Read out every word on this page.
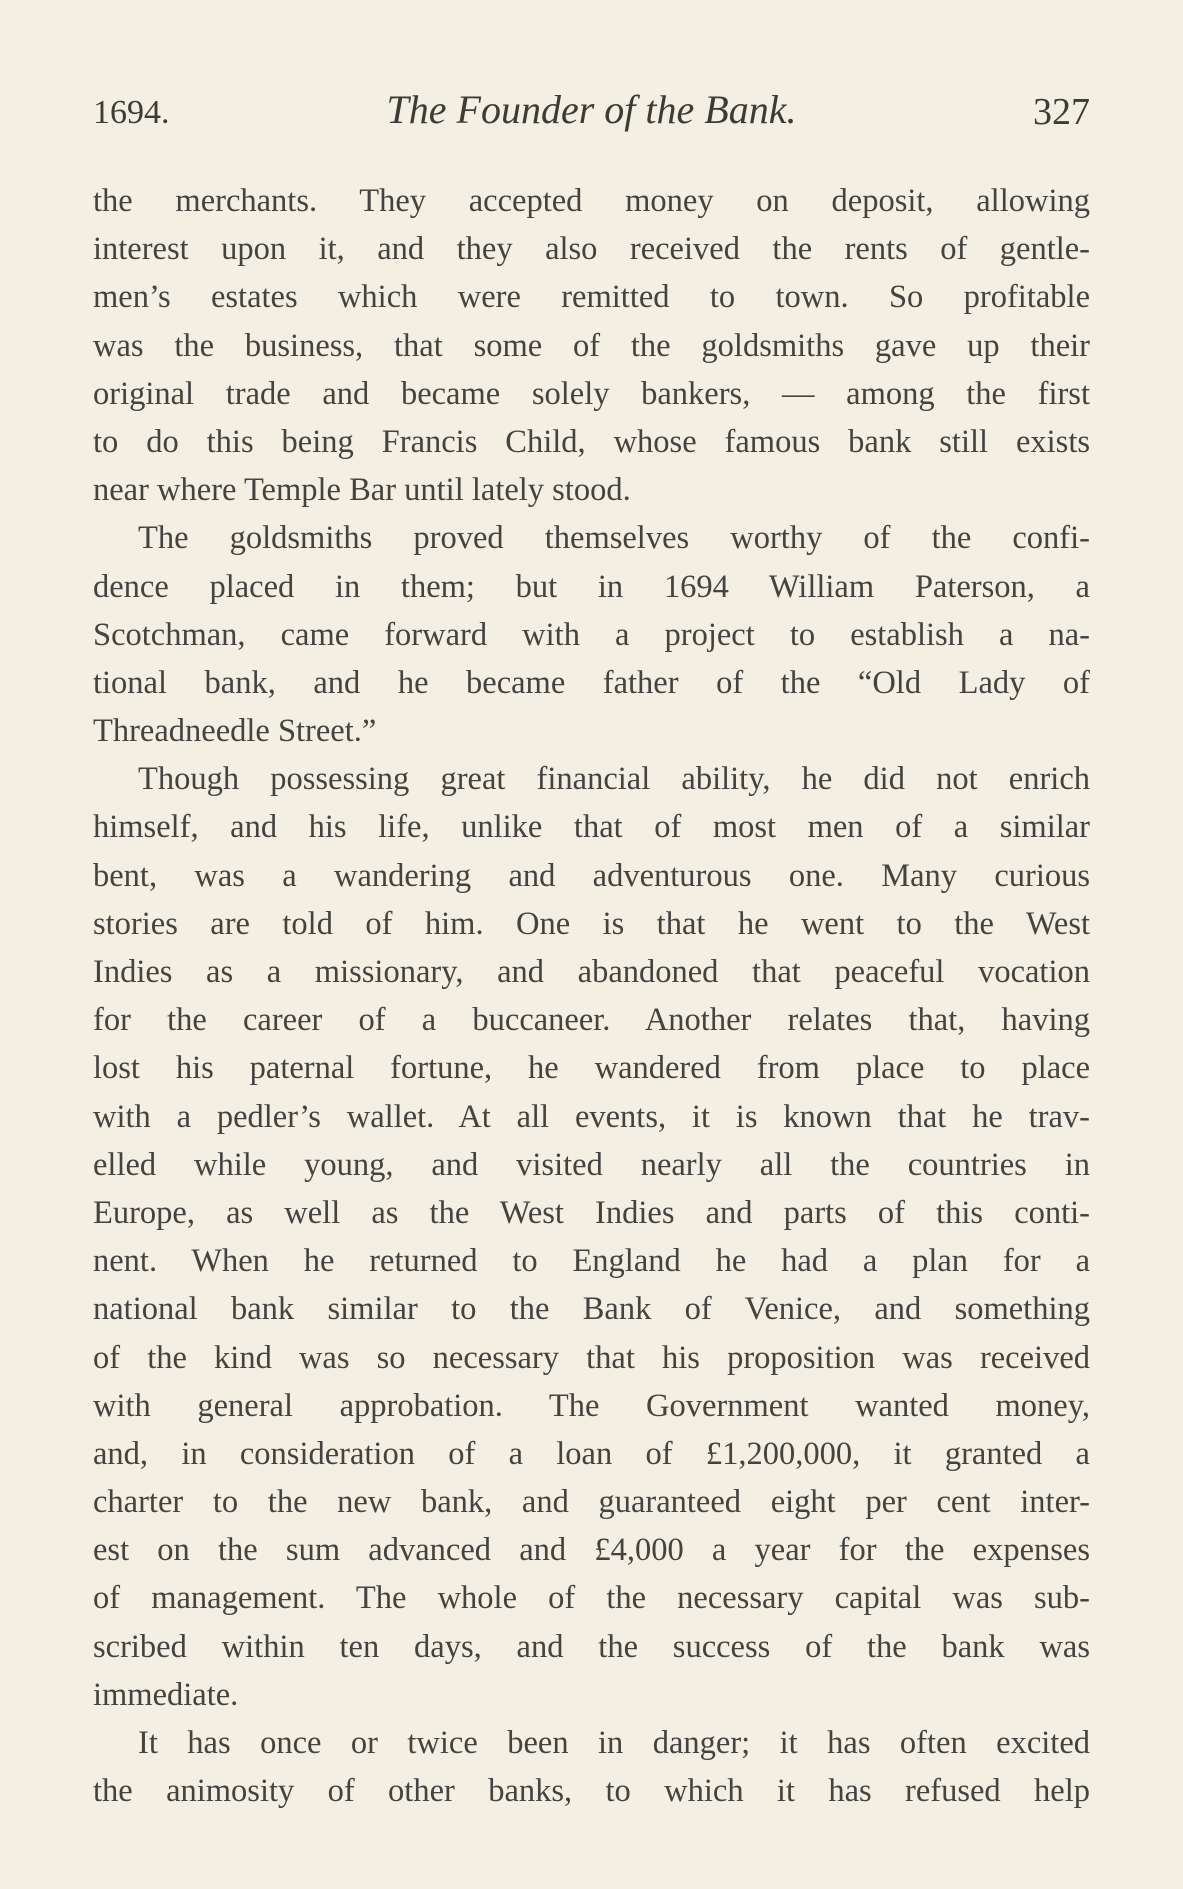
1694.	The Founder of the Bank.	327
the merchants. They accepted money on deposit, allowing
interest upon it, and they also received the rents of gentle-
men’s estates which were remitted to town. So profitable
was the business, that some of the goldsmiths gave up their
original trade and became solely bankers, — among the first
to do this being Francis Child, whose famous bank still exists
near where Temple Bar until lately stood.
The goldsmiths proved themselves worthy of the confi-
dence placed in them; but in 1694 William Paterson, a
Scotchman, came forward with a project to establish a na-
tional bank, and he became father of the “Old Lady of
Threadneedle Street.”
Though possessing great financial ability, he did not enrich
himself, and his life, unlike that of most men of a similar
bent, was a wandering and adventurous one. Many curious
stories are told of him. One is that he went to the West
Indies as a missionary, and abandoned that peaceful vocation
for the career of a buccaneer. Another relates that, having
lost his paternal fortune, he wandered from place to place
with a pedler’s wallet. At all events, it is known that he trav-
elled while young, and visited nearly all the countries in
Europe, as well as the West Indies and parts of this conti-
nent. When he returned to England he had a plan for a
national bank similar to the Bank of Venice, and something
of the kind was so necessary that his proposition was received
with general approbation. The Government wanted money,
and, in consideration of a loan of £1,200,000, it granted a
charter to the new bank, and guaranteed eight per cent inter-
est on the sum advanced and £4,000 a year for the expenses
of management. The whole of the necessary capital was sub-
scribed within ten days, and the success of the bank was
immediate.
It has once or twice been in danger; it has often excited
the animosity of other banks, to which it has refused help
